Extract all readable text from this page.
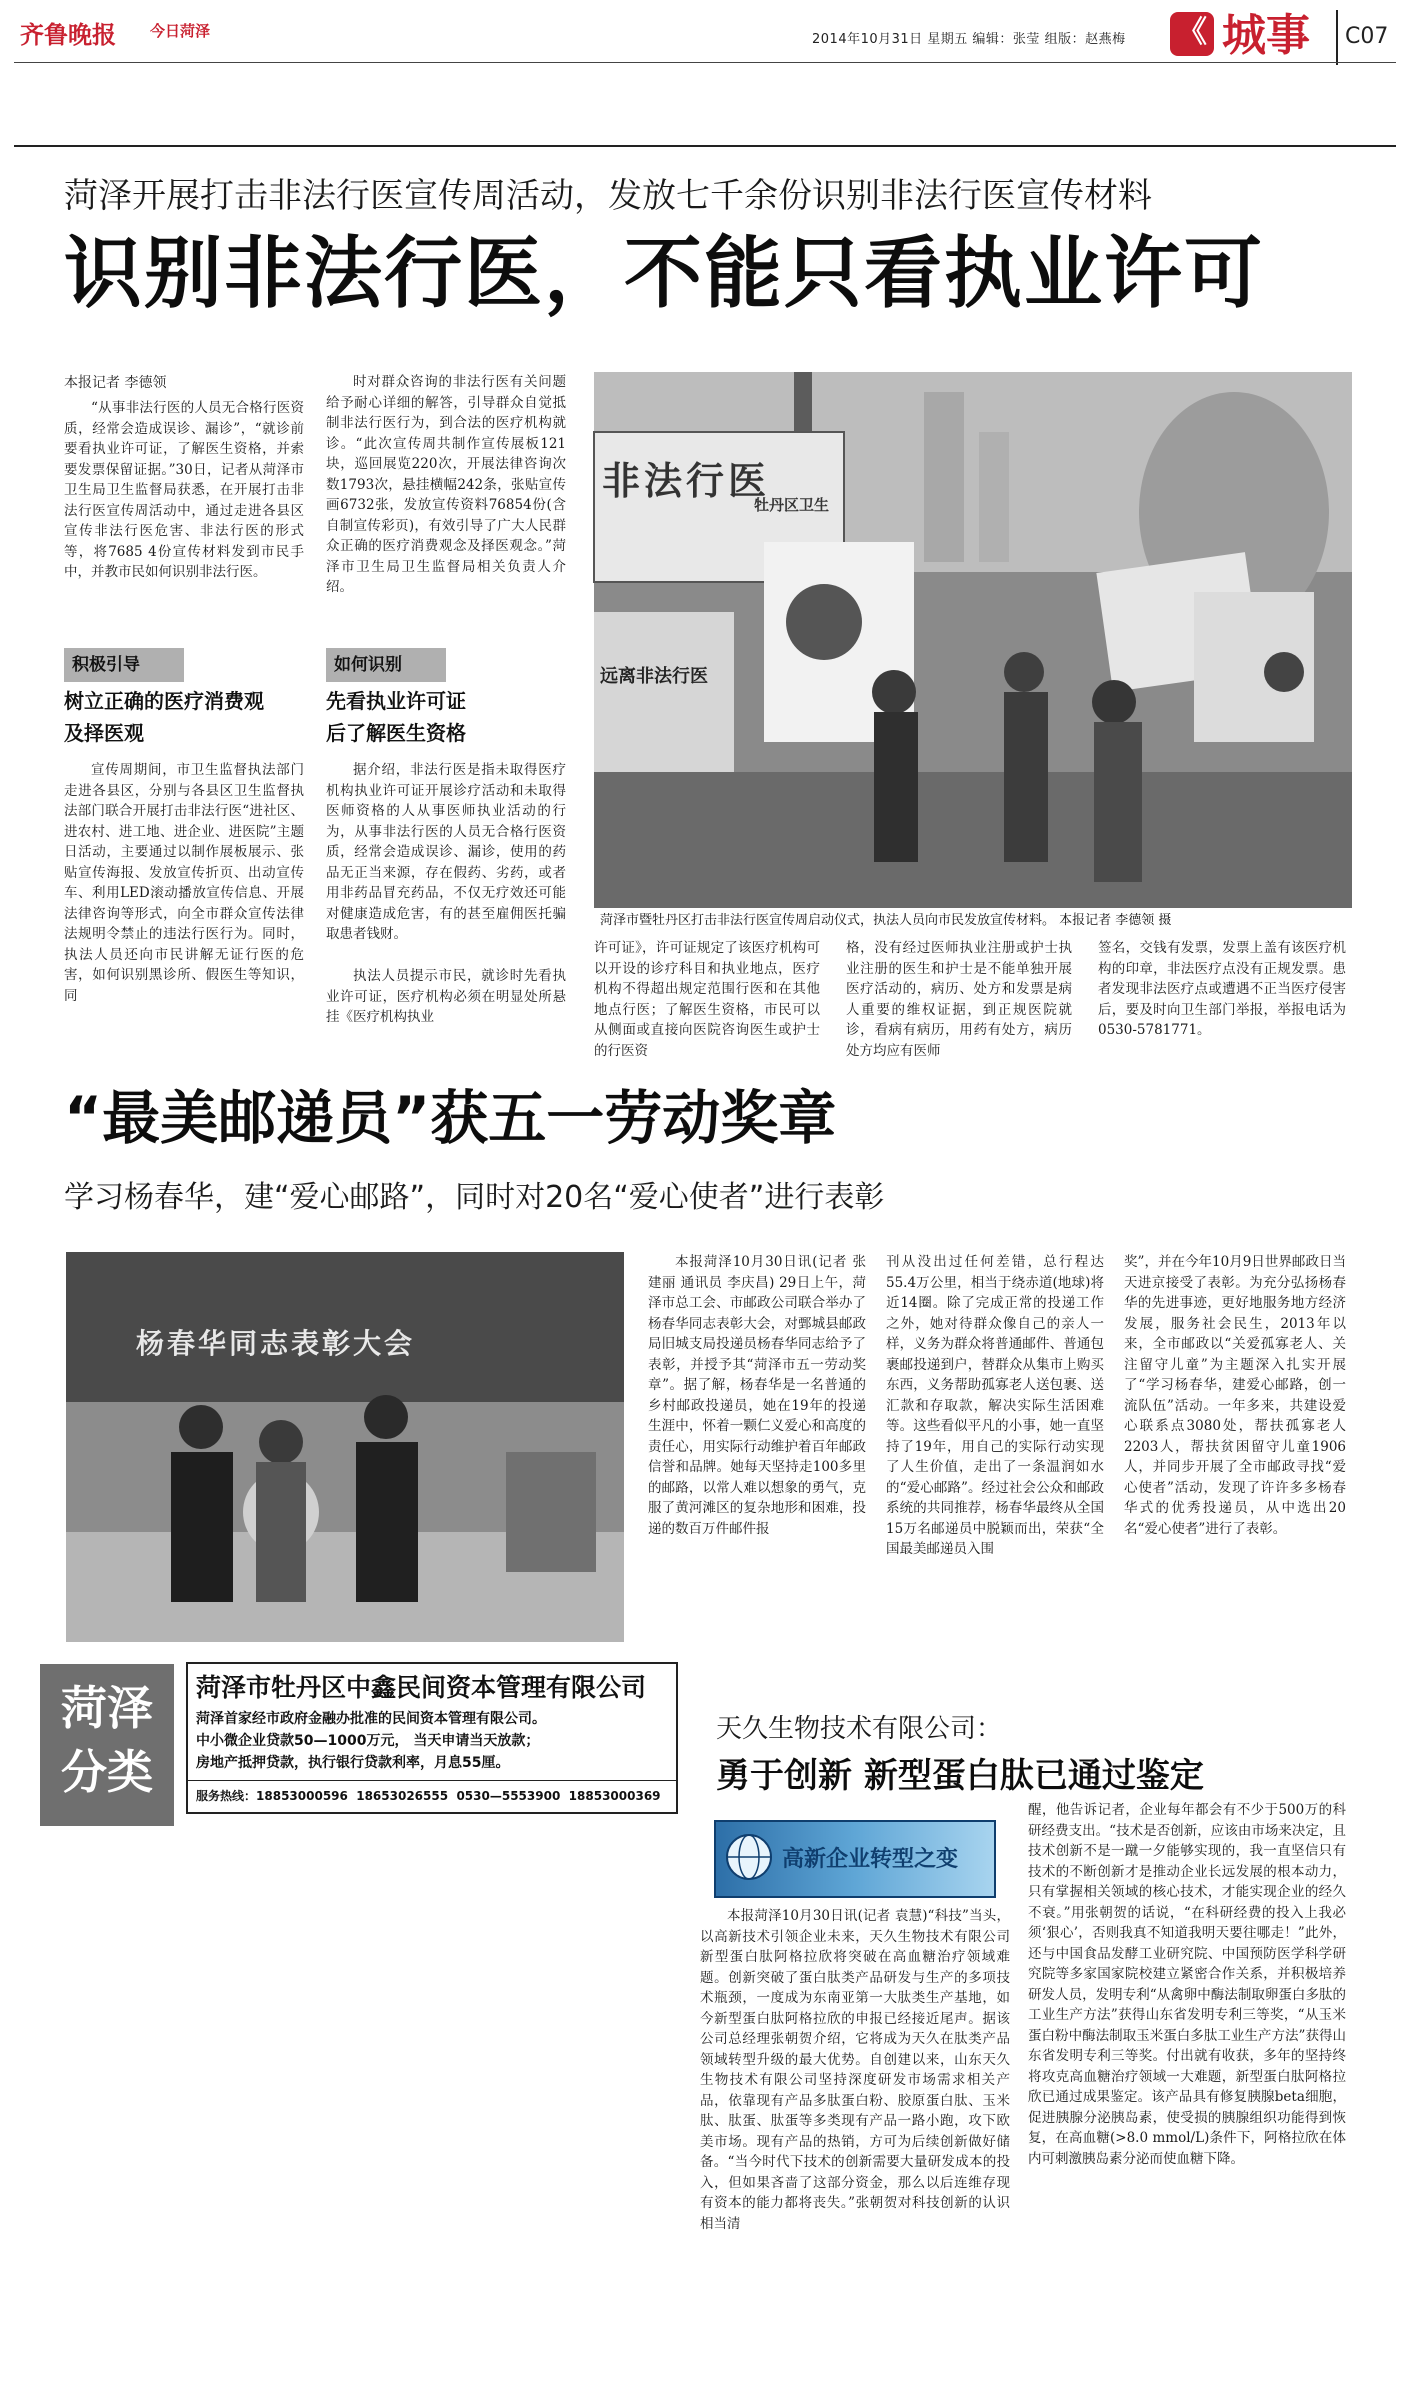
齐鲁晚报	今日菏泽	2014年10月31日 星期五 编辑：张莹 组版：赵燕梅	《 城事	C07
菏泽开展打击非法行医宣传周活动，发放七千余份识别非法行医宣传材料
识别非法行医，不能只看执业许可
本报记者 李德领

“从事非法行医的人员无合格行医资质，经常会造成误诊、漏诊”，“就诊前要看执业许可证，了解医生资格，并索要发票保留证据。”30日，记者从菏泽市卫生局卫生监督局获悉，在开展打击非法行医宣传周活动中，通过走进各县区宣传非法行医危害、非法行医的形式等，将7685 4份宣传材料发到市民手中，并教市民如何识别非法行医。

积极引导
树立正确的医疗消费观
及择医观

宣传周期间，市卫生监督执法部门走进各县区，分别与各县区卫生监督执法部门联合开展打击非法行医“进社区、进农村、进工地、进企业、进医院”主题日活动，主要通过以制作展板展示、张贴宣传海报、发放宣传折页、出动宣传车、利用LED滚动播放宣传信息、开展法律咨询等形式，向全市群众宣传法律法规明令禁止的违法行医行为。同时，执法人员还向市民讲解无证行医的危害，如何识别黑诊所、假医生等知识，同

时对群众咨询的非法行医有关问题给予耐心详细的解答，引导群众自觉抵制非法行医行为，到合法的医疗机构就诊。“此次宣传周共制作宣传展板121块，巡回展览220次，开展法律咨询次数1793次，悬挂横幅242条，张贴宣传画6732张，发放宣传资料76854份(含自制宣传彩页)，有效引导了广大人民群众正确的医疗消费观念及择医观念。”菏泽市卫生局卫生监督局相关负责人介绍。

如何识别
先看执业许可证
后了解医生资格

据介绍，非法行医是指未取得医疗机构执业许可证开展诊疗活动和未取得医师资格的人从事医师执业活动的行为，从事非法行医的人员无合格行医资质，经常会造成误诊、漏诊，使用的药品无正当来源，存在假药、劣药，或者用非药品冒充药品，不仅无疗效还可能对健康造成危害，有的甚至雇佣医托骗取患者钱财。

执法人员提示市民，就诊时先看执业许可证，医疗机构必须在明显处所悬挂《医疗机构执业

非法行医
牡丹区卫生
远离非法行医
菏泽市暨牡丹区打击非法行医宣传周启动仪式，执法人员向市民发放宣传材料。 本报记者 李德领 摄

许可证》，许可证规定了该医疗机构可以开设的诊疗科目和执业地点，医疗机构不得超出规定范围行医和在其他地点行医；了解医生资格，市民可以从侧面或直接向医院咨询医生或护士的行医资

格，没有经过医师执业注册或护士执业注册的医生和护士是不能单独开展医疗活动的，病历、处方和发票是病人重要的维权证据，到正规医院就诊，看病有病历，用药有处方，病历处方均应有医师

签名，交钱有发票，发票上盖有该医疗机构的印章，非法医疗点没有正规发票。患者发现非法医疗点或遭遇不正当医疗侵害后，要及时向卫生部门举报，举报电话为0530-5781771。

“最美邮递员”获五一劳动奖章
学习杨春华，建“爱心邮路”，同时对20名“爱心使者”进行表彰
杨春华同志表彰大会

本报菏泽10月30日讯(记者 张建丽 通讯员 李庆昌) 29日上午，菏泽市总工会、市邮政公司联合举办了杨春华同志表彰大会，对鄄城县邮政局旧城支局投递员杨春华同志给予了表彰，并授予其“菏泽市五一劳动奖章”。据了解，杨春华是一名普通的乡村邮政投递员，她在19年的投递生涯中，怀着一颗仁义爱心和高度的责任心，用实际行动维护着百年邮政信誉和品牌。她每天坚持走100多里的邮路，以常人难以想象的勇气，克服了黄河滩区的复杂地形和困难，投递的数百万件邮件报

刊从没出过任何差错，总行程达55.4万公里，相当于绕赤道(地球)将近14圈。除了完成正常的投递工作之外，她对待群众像自己的亲人一样，义务为群众将普通邮件、普通包裹邮投递到户，替群众从集市上购买东西，义务帮助孤寡老人送包裹、送汇款和存取款，解决实际生活困难等。这些看似平凡的小事，她一直坚持了19年，用自己的实际行动实现了人生价值，走出了一条温润如水的“爱心邮路”。经过社会公众和邮政系统的共同推荐，杨春华最终从全国15万名邮递员中脱颖而出，荣获“全国最美邮递员入围

奖”，并在今年10月9日世界邮政日当天进京接受了表彰。为充分弘扬杨春华的先进事迹，更好地服务地方经济发展，服务社会民生，2013年以来，全市邮政以“关爱孤寡老人、关注留守儿童”为主题深入扎实开展了“学习杨春华，建爱心邮路，创一流队伍”活动。一年多来，共建设爱心联系点3080处，帮扶孤寡老人2203人，帮扶贫困留守儿童1906人，并同步开展了全市邮政寻找“爱心使者”活动，发现了许许多多杨春华式的优秀投递员，从中选出20名“爱心使者”进行了表彰。

菏泽
分类
菏泽市牡丹区中鑫民间资本管理有限公司
菏泽首家经市政府金融办批准的民间资本管理有限公司。
中小微企业贷款50—1000万元， 当天申请当天放款；
房地产抵押贷款，执行银行贷款利率，月息55厘。
服务热线：18853000596 18653026555 0530—5553900 18853000369
天久生物技术有限公司：
勇于创新 新型蛋白肽已通过鉴定
高新企业转型之变

本报菏泽10月30日讯(记者 袁慧)“科技”当头，以高新技术引领企业未来，天久生物技术有限公司新型蛋白肽阿格拉欣将突破在高血糖治疗领域难题。创新突破了蛋白肽类产品研发与生产的多项技术瓶颈，一度成为东南亚第一大肽类生产基地，如今新型蛋白肽阿格拉欣的申报已经接近尾声。据该公司总经理张朝贺介绍，它将成为天久在肽类产品领域转型升级的最大优势。自创建以来，山东天久生物技术有限公司坚持深度研发市场需求相关产品，依靠现有产品多肽蛋白粉、胶原蛋白肽、玉米肽、肽蛋、肽蛋等多类现有产品一路小跑，攻下欧美市场。现有产品的热销，方可为后续创新做好储备。“当今时代下技术的创新需要大量研发成本的投入，但如果吝啬了这部分资金，那么以后连维存现有资本的能力都将丧失。”张朝贺对科技创新的认识相当清

醒，他告诉记者，企业每年都会有不少于500万的科研经费支出。“技术是否创新，应该由市场来决定，且技术创新不是一蹴一夕能够实现的，我一直坚信只有技术的不断创新才是推动企业长远发展的根本动力，只有掌握相关领域的核心技术，才能实现企业的经久不衰。”用张朝贺的话说，“在科研经费的投入上我必须‘狠心’，否则我真不知道我明天要往哪走！”此外，还与中国食品发酵工业研究院、中国预防医学科学研究院等多家国家院校建立紧密合作关系，并积极培养研发人员，发明专利“从禽卵中酶法制取卵蛋白多肽的工业生产方法”获得山东省发明专利三等奖，“从玉米蛋白粉中酶法制取玉米蛋白多肽工业生产方法”获得山东省发明专利三等奖。付出就有收获，多年的坚持终将攻克高血糖治疗领域一大难题，新型蛋白肽阿格拉欣已通过成果鉴定。该产品具有修复胰腺beta细胞，促进胰腺分泌胰岛素，使受损的胰腺组织功能得到恢复，在高血糖(>8.0 mmol/L)条件下，阿格拉欣在体内可刺激胰岛素分泌而使血糖下降。
